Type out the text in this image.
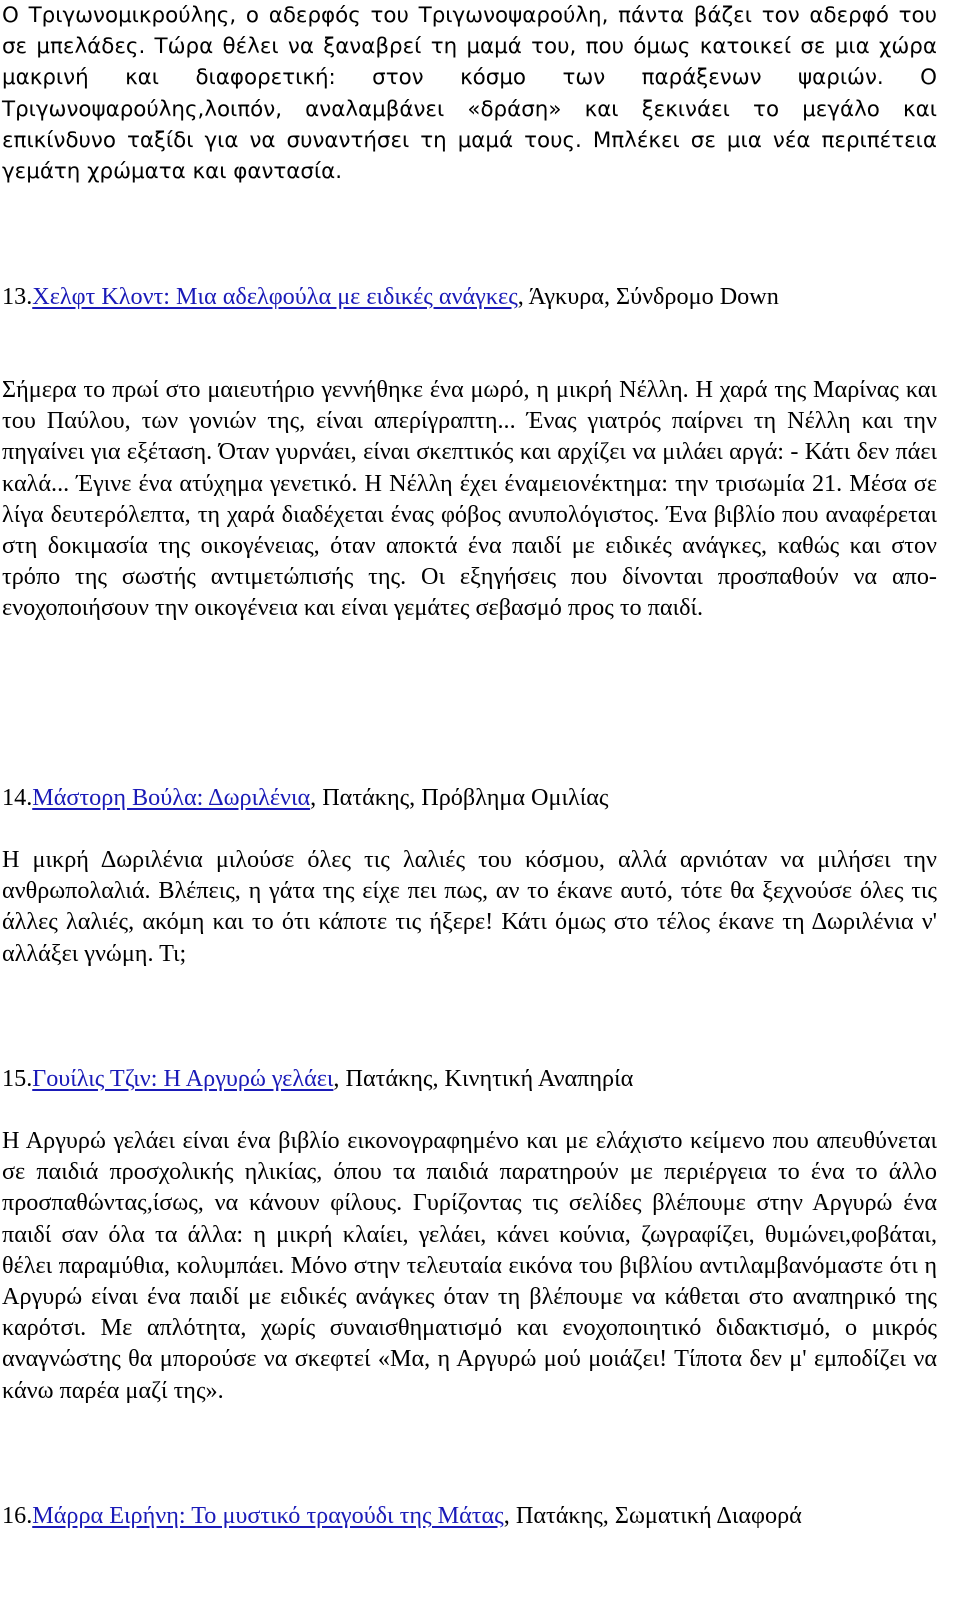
Ο Τριγωνομικρούλης, ο αδερφός του Τριγωνοψαρούλη, πάντα βάζει τον αδερφό του σε μπελάδες. Τώρα θέλει να ξαναβρεί τη μαμά του, που όμως κατοικεί σε μια χώρα μακρινή και διαφορετική: στον κόσμο των παράξενων ψαριών. Ο Τριγωνοψαρούλης,λοιπόν, αναλαμβάνει «δράση» και ξεκινάει το μεγάλο και επικίνδυνο ταξίδι για να συναντήσει τη μαμά τους. Μπλέκει σε μια νέα περιπέτεια γεμάτη χρώματα και φαντασία.
13.Χελφτ Κλοντ: Μια αδελφούλα με ειδικές ανάγκες, Άγκυρα, Σύνδρομο Down
Σήμερα το πρωί στο μαιευτήριο γεννήθηκε ένα μωρό, η μικρή Νέλλη. Η χαρά της Μαρίνας και του Παύλου, των γονιών της, είναι απερίγραπτη... Ένας γιατρός παίρνει τη Νέλλη και την πηγαίνει για εξέταση. Όταν γυρνάει, είναι σκεπτικός και αρχίζει να μιλάει αργά: - Κάτι δεν πάει καλά... Έγινε ένα ατύχημα γενετικό. Η Νέλλη έχει έναμειονέκτημα: την τρισωμία 21. Μέσα σε λίγα δευτερόλεπτα, τη χαρά διαδέχεται ένας φόβος ανυπολόγιστος. Ένα βιβλίο που αναφέρεται στη δοκιμασία της οικογένειας, όταν αποκτά ένα παιδί με ειδικές ανάγκες, καθώς και στον τρόπο της σωστής αντιμετώπισής της. Οι εξηγήσεις που δίνονται προσπαθούν να απο-ενοχοποιήσουν την οικογένεια και είναι γεμάτες σεβασμό προς το παιδί.
14.Μάστορη Βούλα: Δωριλένια, Πατάκης, Πρόβλημα Ομιλίας
Η μικρή Δωριλένια μιλούσε όλες τις λαλιές του κόσμου, αλλά αρνιόταν να μιλήσει την ανθρωπολαλιά. Βλέπεις, η γάτα της είχε πει πως, αν το έκανε αυτό, τότε θα ξεχνούσε όλες τις άλλες λαλιές, ακόμη και το ότι κάποτε τις ήξερε! Κάτι όμως στο τέλος έκανε τη Δωριλένια ν' αλλάξει γνώμη. Τι;
15.Γουίλις Τζιν: Η Αργυρώ γελάει, Πατάκης, Κινητική Αναπηρία
Η Αργυρώ γελάει είναι ένα βιβλίο εικονογραφημένο και με ελάχιστο κείμενο που απευθύνεται σε παιδιά προσχολικής ηλικίας, όπου τα παιδιά παρατηρούν με περιέργεια το ένα το άλλο προσπαθώντας,ίσως, να κάνουν φίλους. Γυρίζοντας τις σελίδες βλέπουμε στην Αργυρώ ένα παιδί σαν όλα τα άλλα: η μικρή κλαίει, γελάει, κάνει κούνια, ζωγραφίζει, θυμώνει,φοβάται, θέλει παραμύθια, κολυμπάει. Μόνο στην τελευταία εικόνα του βιβλίου αντιλαμβανόμαστε ότι η Αργυρώ είναι ένα παιδί με ειδικές ανάγκες όταν τη βλέπουμε να κάθεται στο αναπηρικό της καρότσι. Με απλότητα, χωρίς συναισθηματισμό και ενοχοποιητικό διδακτισμό, ο μικρός αναγνώστης θα μπορούσε να σκεφτεί «Μα, η Αργυρώ μού μοιάζει! Τίποτα δεν μ' εμποδίζει να κάνω παρέα μαζί της».
16.Μάρρα Ειρήνη: Το μυστικό τραγούδι της Μάτας, Πατάκης, Σωματική Διαφορά
